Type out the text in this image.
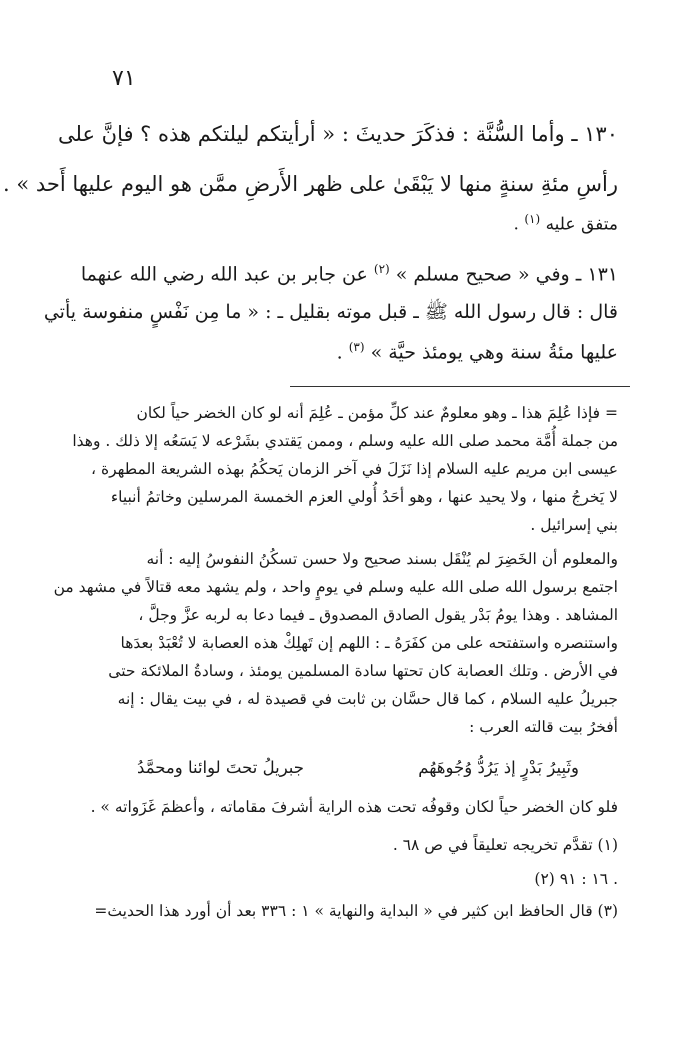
٧١
١٣٠ ـ وأما السُّنَّة : فذكَرَ حديثَ : « أرأيتكم ليلتكم هذه ؟ فإنَّ على
رأسِ مئةِ سنةٍ منها لا يَبْقَىٰ على ظهر الأَرضِ ممَّن هو اليوم عليها أَحد » .
متفق عليه $^{(١)}$ .
١٣١ ـ وفي « صحيح مسلم » $^{(٢)}$ عن جابر بن عبد الله رضي الله عنهما
قال : قال رسول الله ﷺ ـ قبل موته بقليل ـ : « ما مِن نَفْسٍ منفوسة يأتي
عليها مئةُ سنة وهي يومئذ حيَّة » $^{(٣)}$ .
= فإذا عُلِمَ هذا ـ وهو معلومٌ عند كلِّ مؤمن ـ عُلِمَ أنه لو كان الخضر حياً لكان
من جملة أُمَّة محمد صلى الله عليه وسلم ، وممن يَقتدي بشَرْعه لا يَسَعُه إلا ذلك . وهذا
عيسى ابن مريم عليه السلام إذا نَزَلَ في آخر الزمان يَحكُمُ بهذه الشريعة المطهرة ،
لا يَخرجُ منها ، ولا يحيد عنها ، وهو أحَدُ أُولي العزم الخمسة المرسلين وخاتمُ أنبياء
بني إسرائيل .
والمعلوم أن الخَضِرَ لم يُنْقَل بسند صحيح ولا حسن تسكُنُ النفوسُ إليه : أنه
اجتمع برسول الله صلى الله عليه وسلم في يومٍ واحد ، ولم يشهد معه قتالاً في مشهد من
المشاهد . وهذا يومُ بَدْر يقول الصادق المصدوق ـ فيما دعا به لربه عزَّ وجلَّ ،
واستنصره واستفتحه على من كفَرَهُ ـ : اللهم إن تَهلِكْ هذه العصابة لا تُعْبَدْ بعدَها
في الأرض . وتلك العصابة كان تحتها سادة المسلمين يومئذ ، وسادةُ الملائكة حتى
جبريلُ عليه السلام ، كما قال حسَّان بن ثابت في قصيدة له ، في بيت يقال : إنه
أفخرُ بيت قالته العرب :
وثَبِيرُ بَدْرٍ إذ يَرُدُّ وُجُوهَهُم
جبريلُ تحتَ لوائنا ومحمَّدُ
فلو كان الخضر حياً لكان وقوفُه تحت هذه الراية أشرفَ مقاماته ، وأعظمَ غَزَواته » .
(١) تقدَّم تخريجه تعليقاً في ص ٦٨ .
(٢) ١٦ : ٩١ .
(٣) قال الحافظ ابن كثير في « البداية والنهاية » ١ : ٣٣٦ بعد أن أورد هذا الحديث=
